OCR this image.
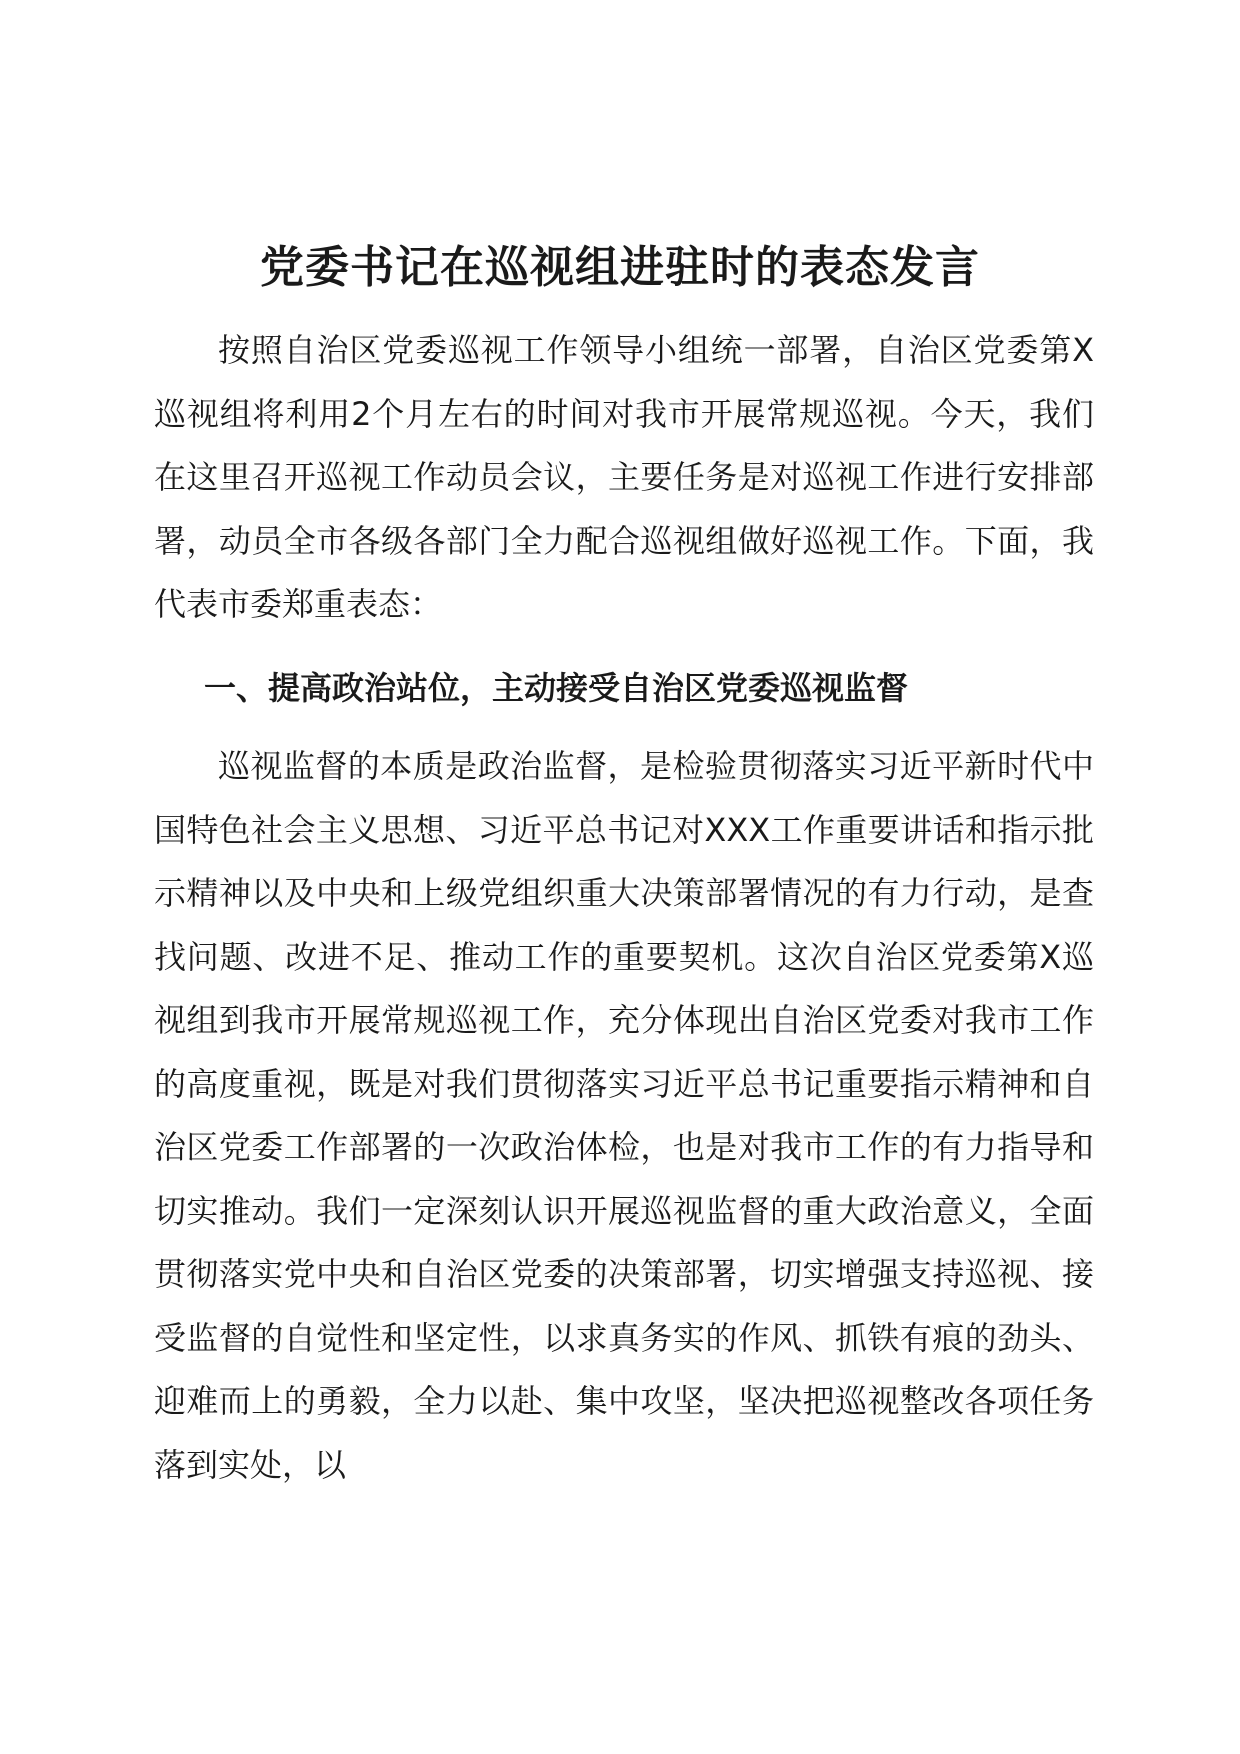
党委书记在巡视组进驻时的表态发言

按照自治区党委巡视工作领导小组统一部署，自治区党委第X巡视组将利用2个月左右的时间对我市开展常规巡视。今天，我们在这里召开巡视工作动员会议，主要任务是对巡视工作进行安排部署，动员全市各级各部门全力配合巡视组做好巡视工作。下面，我代表市委郑重表态：

一、提高政治站位，主动接受自治区党委巡视监督

巡视监督的本质是政治监督，是检验贯彻落实习近平新时代中国特色社会主义思想、习近平总书记对XXX工作重要讲话和指示批示精神以及中央和上级党组织重大决策部署情况的有力行动，是查找问题、改进不足、推动工作的重要契机。这次自治区党委第X巡视组到我市开展常规巡视工作，充分体现出自治区党委对我市工作的高度重视，既是对我们贯彻落实习近平总书记重要指示精神和自治区党委工作部署的一次政治体检，也是对我市工作的有力指导和切实推动。我们一定深刻认识开展巡视监督的重大政治意义，全面贯彻落实党中央和自治区党委的决策部署，切实增强支持巡视、接受监督的自觉性和坚定性，以求真务实的作风、抓铁有痕的劲头、迎难而上的勇毅，全力以赴、集中攻坚，坚决把巡视整改各项任务落到实处，以
